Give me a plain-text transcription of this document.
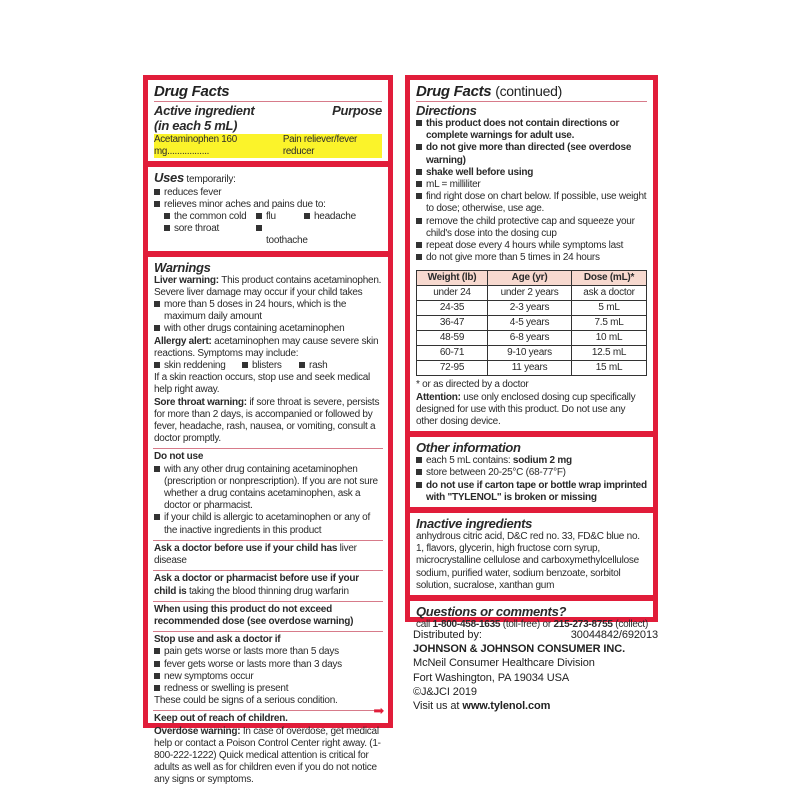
Drug Facts
Active ingredient
(in each 5 mL)
Purpose
Acetaminophen 160 mg.................
Pain reliever/fever reducer
Uses temporarily:
reduces fever
relieves minor aches and pains due to:
the common cold	flu	headache
sore throat
toothache
Warnings
Liver warning: This product contains acetaminophen. Severe liver damage may occur if your child takes
more than 5 doses in 24 hours, which is the maximum daily amount
with other drugs containing acetaminophen
Allergy alert: acetaminophen may cause severe skin reactions. Symptoms may include:
skin reddening	blisters	rash
If a skin reaction occurs, stop use and seek medical help right away.
Sore throat warning: if sore throat is severe, persists for more than 2 days, is accompanied or followed by fever, headache, rash, nausea, or vomiting, consult a doctor promptly.
Do not use
with any other drug containing acetaminophen (prescription or nonprescription). If you are not sure whether a drug contains acetaminophen, ask a doctor or pharmacist.
if your child is allergic to acetaminophen or any of the inactive ingredients in this product
Ask a doctor before use if your child has liver disease
Ask a doctor or pharmacist before use if your child is taking the blood thinning drug warfarin
When using this product do not exceed recommended dose (see overdose warning)
Stop use and ask a doctor if
pain gets worse or lasts more than 5 days
fever gets worse or lasts more than 3 days
new symptoms occur
redness or swelling is present
These could be signs of a serious condition.
Keep out of reach of children.
Overdose warning: In case of overdose, get medical help or contact a Poison Control Center right away. (1-800-222-1222) Quick medical attention is critical for adults as well as for children even if you do not notice any signs or symptoms.
➡
Drug Facts (continued)
Directions
this product does not contain directions or complete warnings for adult use.
do not give more than directed (see overdose warning)
shake well before using
mL = milliliter
find right dose on chart below. If possible, use weight to dose; otherwise, use age.
remove the child protective cap and squeeze your child's dose into the dosing cup
repeat dose every 4 hours while symptoms last
do not give more than 5 times in 24 hours
Weight (lb)	Age (yr)	Dose (mL)*
under 24	under 2 years	ask a doctor
24-35	2-3 years	5 mL
36-47	4-5 years	7.5 mL
48-59	6-8 years	10 mL
60-71	9-10 years	12.5 mL
72-95	11 years	15 mL
* or as directed by a doctor
Attention: use only enclosed dosing cup specifically designed for use with this product. Do not use any other dosing device.
Other information
each 5 mL contains: sodium 2 mg
store between 20-25°C (68-77°F)
do not use if carton tape or bottle wrap imprinted with "TYLENOL" is broken or missing
Inactive ingredients
anhydrous citric acid, D&C red no. 33, FD&C blue no. 1, flavors, glycerin, high fructose corn syrup, microcrystalline cellulose and carboxymethylcellulose sodium, purified water, sodium benzoate, sorbitol solution, sucralose, xanthan gum
Questions or comments?
call 1-800-458-1635 (toll-free) or 215-273-8755 (collect)
Distributed by:	30044842/692013
JOHNSON & JOHNSON CONSUMER INC.
McNeil Consumer Healthcare Division
Fort Washington, PA 19034 USA
©J&JCI 2019
Visit us at www.tylenol.com
